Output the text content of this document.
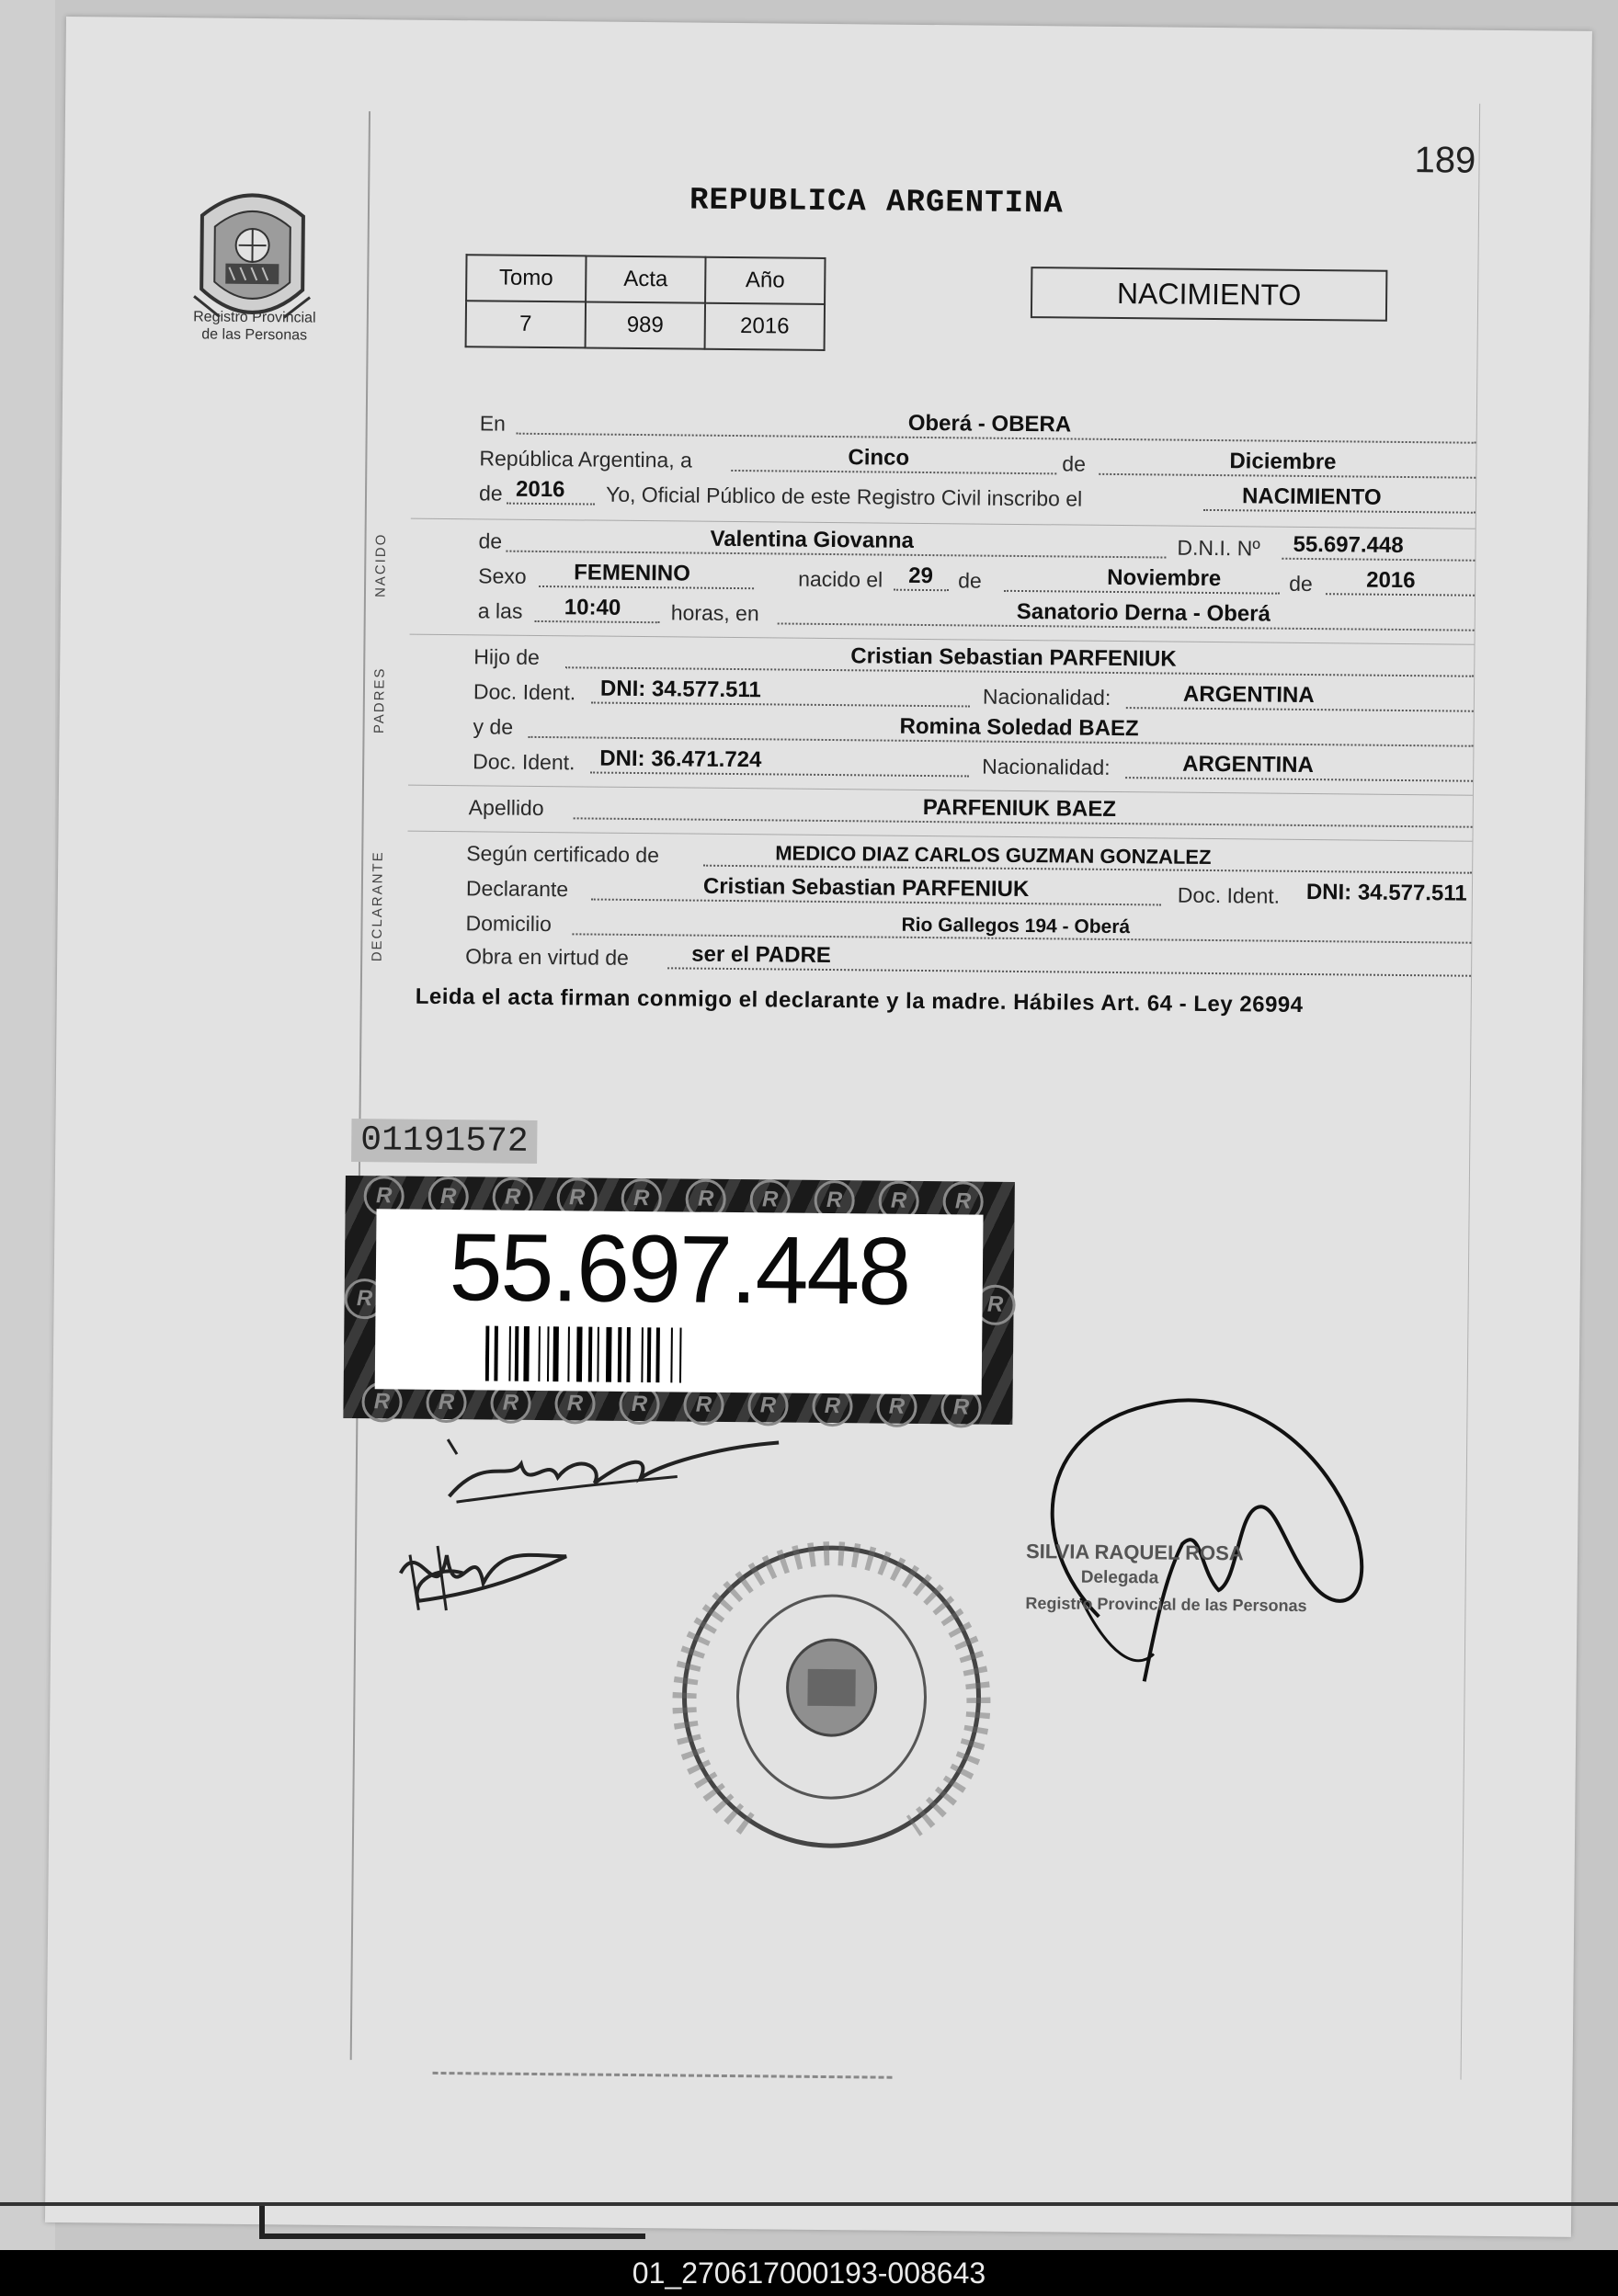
189
Registro Provincial
de las Personas
REPUBLICA ARGENTINA
Tomo	Acta	Año
7	989	2016
NACIMIENTO
En	Oberá - OBERA
República Argentina, a	Cinco	de	Diciembre
de 2016 Yo, Oficial Público de este Registro Civil inscribo el	NACIMIENTO
de	Valentina Giovanna	D.N.I. Nº 55.697.448
Sexo FEMENINO	nacido el 29 de	Noviembre	de 2016
a las 10:40 horas, en	Sanatorio Derna - Oberá
Hijo de	Cristian Sebastian PARFENIUK
Doc. Ident. DNI: 34.577.511	Nacionalidad:	ARGENTINA
y de	Romina Soledad BAEZ
Doc. Ident. DNI: 36.471.724	Nacionalidad:	ARGENTINA
Apellido	PARFENIUK BAEZ
Según certificado de	MEDICO DIAZ CARLOS GUZMAN GONZALEZ
Declarante	Cristian Sebastian PARFENIUK	Doc. Ident. DNI: 34.577.511
Domicilio	Rio Gallegos 194 - Oberá
Obra en virtud de	ser el PADRE
NACIDO
PADRES
DECLARANTE
Leida el acta firman conmigo el declarante y la madre. Hábiles Art. 64 - Ley 26994
01191572
R	R	R	R	R	R	R	R	R	R
R	R	R	R	R	R	R	R	R	R
R	R
55.697.448
SILVIA RAQUEL ROSA
Delegada
Registro Provincial de las Personas
01_270617000193-008643
